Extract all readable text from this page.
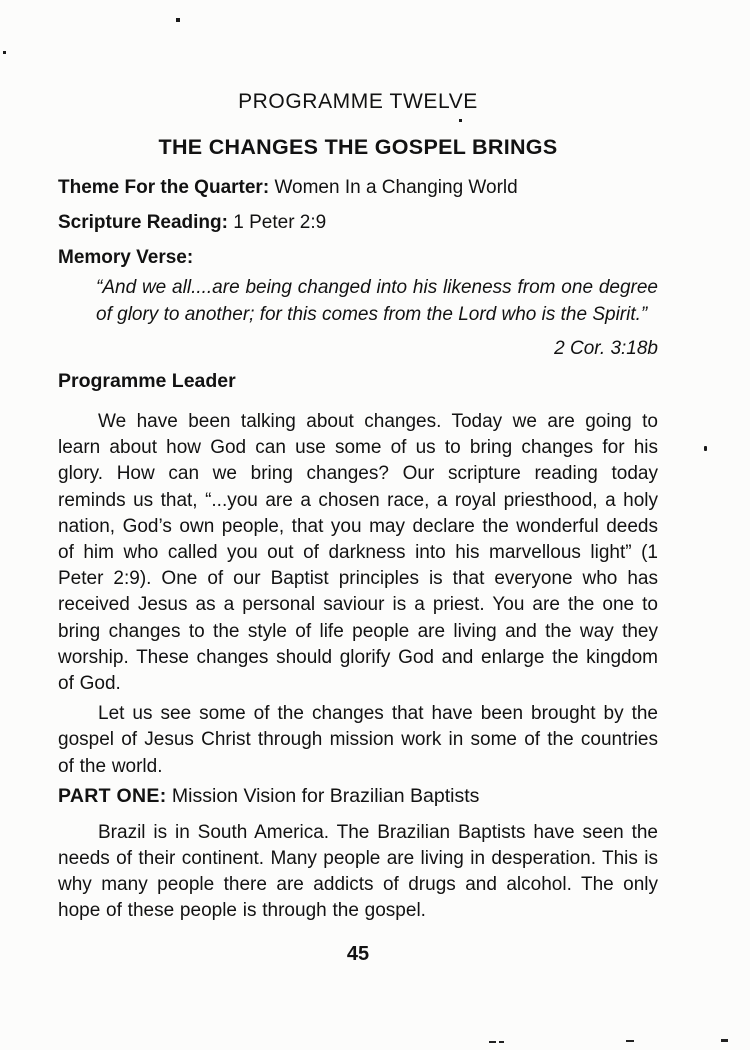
PROGRAMME TWELVE

THE CHANGES THE GOSPEL BRINGS

Theme For the Quarter: Women In a Changing World

Scripture Reading: 1 Peter 2:9

Memory Verse:

“And we all....are being changed into his likeness from one degree of glory to another; for this comes from the Lord who is the Spirit.”

2 Cor. 3:18b

Programme Leader

We have been talking about changes. Today we are going to learn about how God can use some of us to bring changes for his glory. How can we bring changes? Our scripture reading today reminds us that, “...you are a chosen race, a royal priesthood, a holy nation, God’s own people, that you may declare the wonderful deeds of him who called you out of darkness into his marvellous light” (1 Peter 2:9). One of our Baptist principles is that everyone who has received Jesus as a personal saviour is a priest. You are the one to bring changes to the style of life people are living and the way they worship. These changes should glorify God and enlarge the kingdom of God.

Let us see some of the changes that have been brought by the gospel of Jesus Christ through mission work in some of the countries of the world.

PART ONE: Mission Vision for Brazilian Baptists

Brazil is in South America. The Brazilian Baptists have seen the needs of their continent. Many people are living in desperation. This is why many people there are addicts of drugs and alcohol. The only hope of these people is through the gospel.

45
